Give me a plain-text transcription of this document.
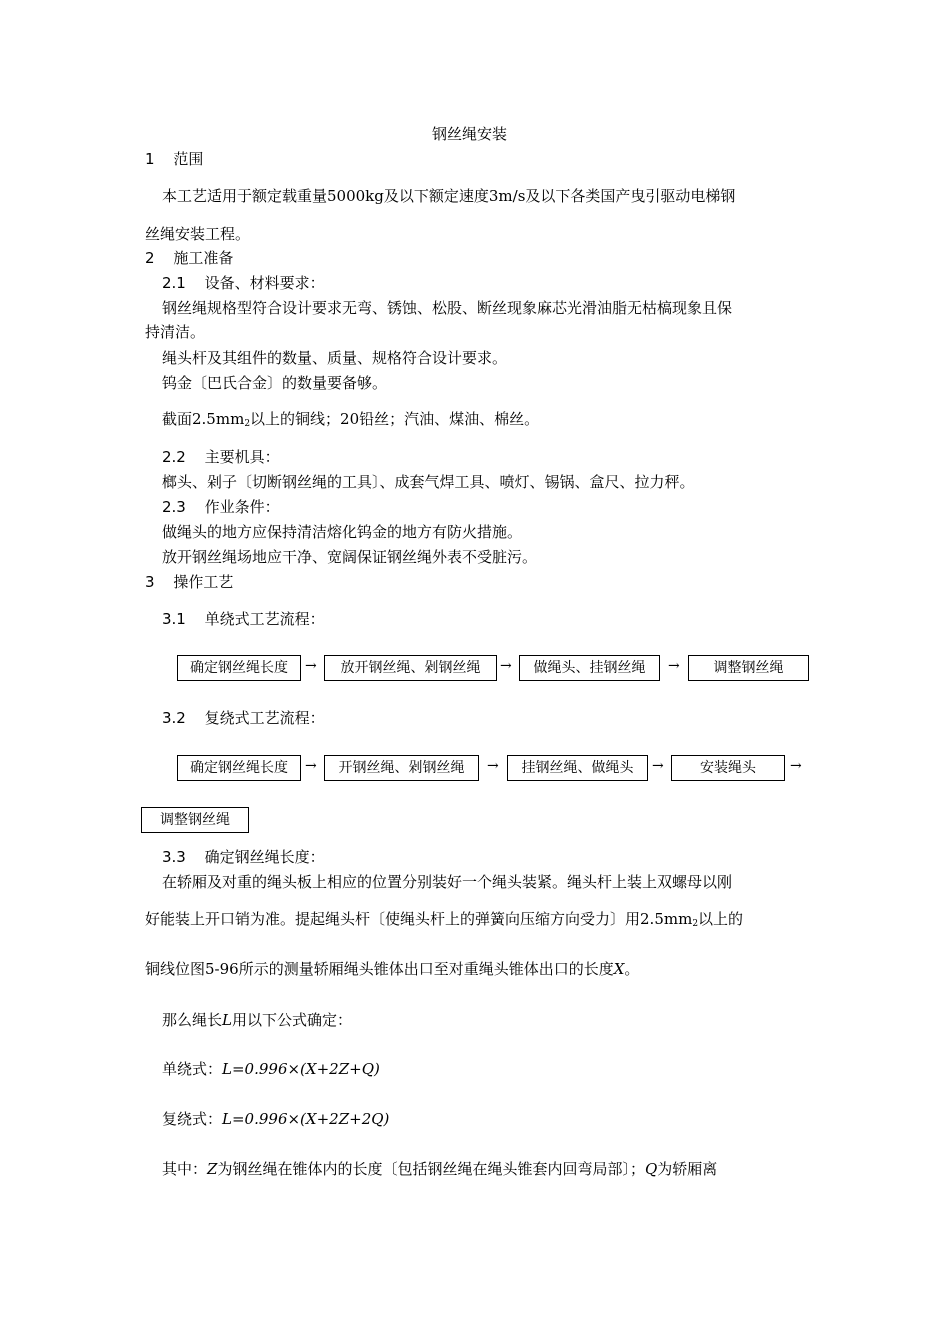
钢丝绳安装
1 范围
本工艺适用于额定载重量5000kg及以下额定速度3m/s及以下各类国产曳引驱动电梯钢
丝绳安装工程。
2 施工准备
2.1 设备、材料要求：
钢丝绳规格型符合设计要求无弯、锈蚀、松股、断丝现象麻芯光滑油脂无枯槁现象且保
持清洁。
绳头杆及其组件的数量、质量、规格符合设计要求。
钨金〔巴氏合金〕的数量要备够。
截面$2.5mm_2$以上的铜线；20铅丝；汽油、煤油、棉丝。
2.2 主要机具：
榔头、剁子〔切断钢丝绳的工具〕、成套气焊工具、喷灯、锡锅、盒尺、拉力秤。
2.3 作业条件：
做绳头的地方应保持清洁熔化钨金的地方有防火措施。
放开钢丝绳场地应干净、宽阔保证钢丝绳外表不受脏污。
3 操作工艺
3.1 单绕式工艺流程：
确定钢丝绳长度	→	放开钢丝绳、剁钢丝绳	→	做绳头、挂钢丝绳	→	调整钢丝绳
3.2 复绕式工艺流程：
确定钢丝绳长度	→	开钢丝绳、剁钢丝绳	→	挂钢丝绳、做绳头	→	安装绳头	→
调整钢丝绳
3.3 确定钢丝绳长度：
在轿厢及对重的绳头板上相应的位置分别装好一个绳头装紧。绳头杆上装上双螺母以刚
好能装上开口销为准。提起绳头杆〔使绳头杆上的弹簧向压缩方向受力〕用$2.5mm_2$以上的
铜线位图5-96所示的测量轿厢绳头锥体出口至对重绳头锥体出口的长度X。
那么绳长L用以下公式确定：
单绕式：L=0.996×(X+2Z+Q)
复绕式：L=0.996×(X+2Z+2Q)
其中：Z为钢丝绳在锥体内的长度〔包括钢丝绳在绳头锥套内回弯局部〕；Q为轿厢离
